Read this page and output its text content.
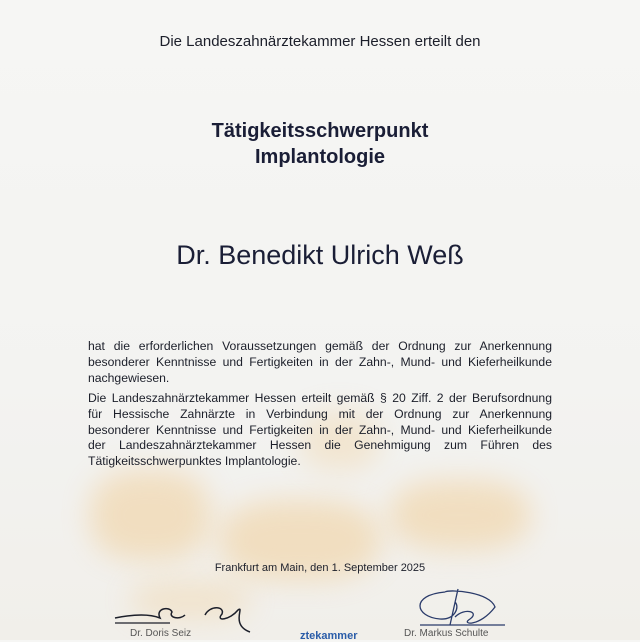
Die Landeszahnärztekammer Hessen erteilt den
Tätigkeitsschwerpunkt
Implantologie
Dr. Benedikt Ulrich Weß
hat die erforderlichen Voraussetzungen gemäß der Ordnung zur Anerkennung
besonderer Kenntnisse und Fertigkeiten in der Zahn-, Mund- und Kieferheilkunde
nachgewiesen.
Die Landeszahnärztekammer Hessen erteilt gemäß § 20 Ziff. 2 der Berufsordnung
für Hessische Zahnärzte in Verbindung mit der Ordnung zur Anerkennung
besonderer Kenntnisse und Fertigkeiten in der Zahn-, Mund- und Kieferheilkunde
der Landeszahnärztekammer Hessen die Genehmigung zum Führen des
Tätigkeitsschwerpunktes Implantologie.
Frankfurt am Main, den 1. September 2025
Dr. Doris Seiz	Dr. Markus Schulte
ztekammer
